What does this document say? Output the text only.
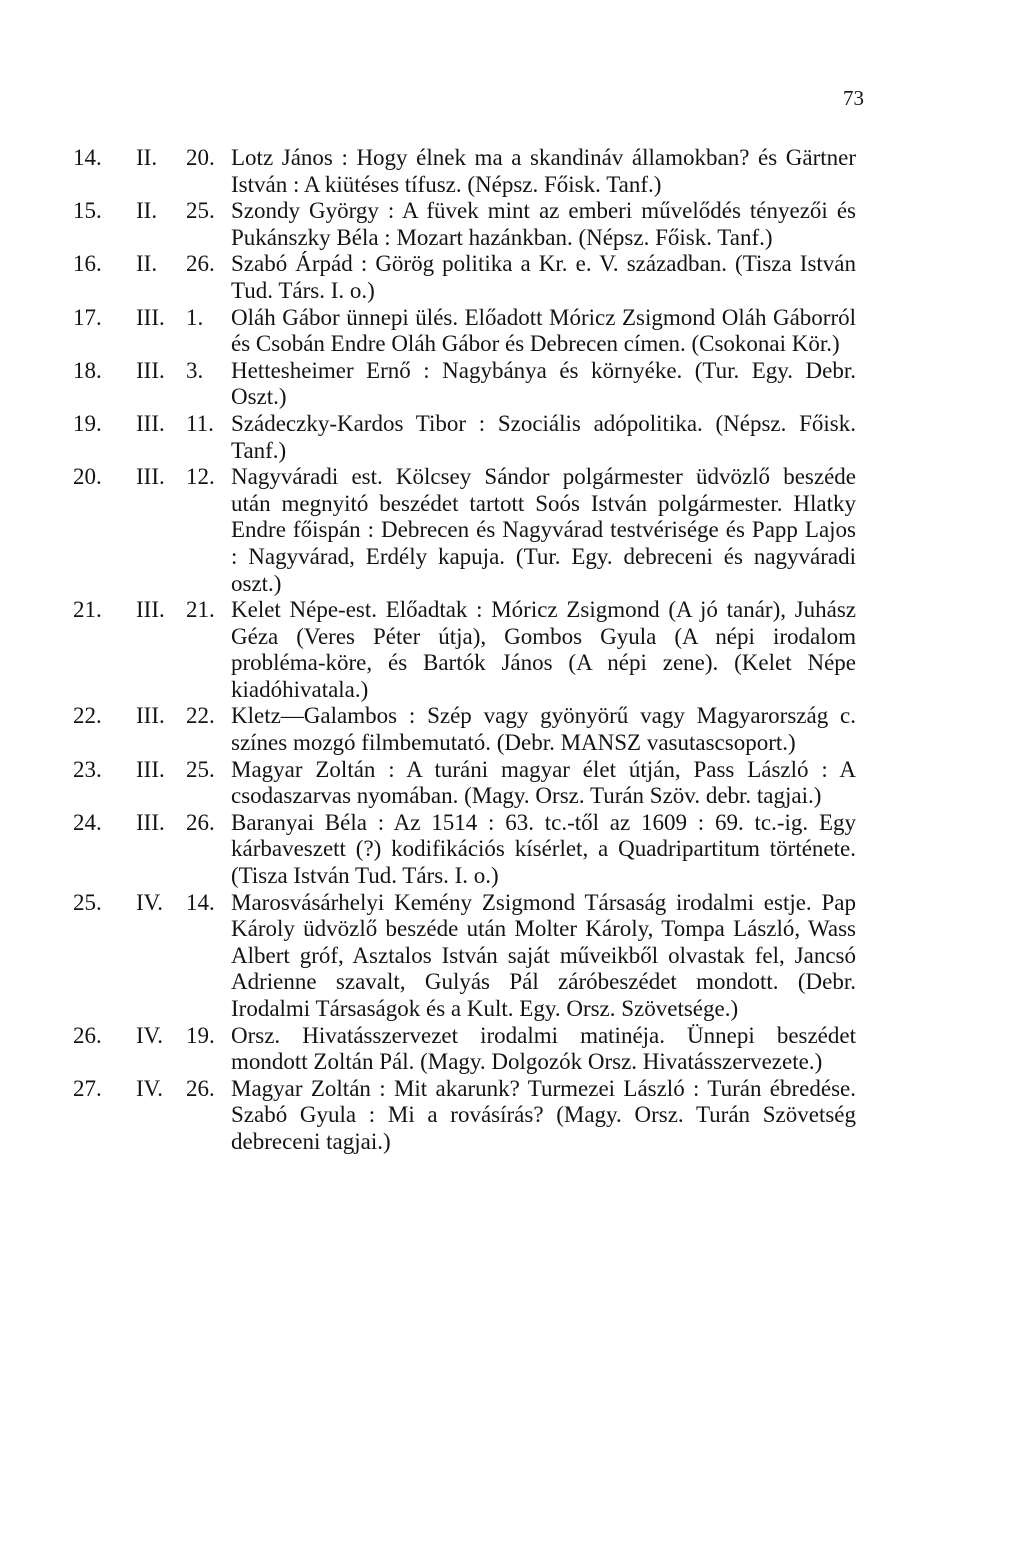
73
14.	II.	20. Lotz János : Hogy élnek ma a skandináv államokban? és Gärtner István : A kiütéses tífusz. (Népsz. Főisk. Tanf.)
15.	II.	25. Szondy György : A füvek mint az emberi művelődés tényezői és Pukánszky Béla : Mozart hazánkban. (Népsz. Főisk. Tanf.)
16.	II.	26. Szabó Árpád : Görög politika a Kr. e. V. században. (Tisza István Tud. Társ. I. o.)
17.	III. 1.	Oláh Gábor ünnepi ülés. Előadott Móricz Zsigmond Oláh Gáborról és Csobán Endre Oláh Gábor és Debrecen címen. (Csokonai Kör.)
18.	III. 3.	Hettesheimer Ernő : Nagybánya és környéke. (Tur. Egy. Debr. Oszt.)
19.	III. 11. Szádeczky-Kardos Tibor : Szociális adópolitika. (Népsz. Főisk. Tanf.)
20.	III. 12. Nagyváradi est. Kölcsey Sándor polgármester üdvözlő beszéde után megnyitó beszédet tartott Soós István polgármester. Hlatky Endre főispán : Debrecen és Nagyvárad testvérisége és Papp Lajos : Nagyvárad, Erdély kapuja. (Tur. Egy. debreceni és nagyváradi oszt.)
21.	III. 21. Kelet Népe-est. Előadtak : Móricz Zsigmond (A jó tanár), Juhász Géza (Veres Péter útja), Gombos Gyula (A népi irodalom probléma-köre, és Bartók János (A népi zene). (Kelet Népe kiadóhivatala.)
22.	III. 22. Kletz—Galambos : Szép vagy gyönyörű vagy Magyarország c. színes mozgó filmbemutató. (Debr. MANSZ vasutascsoport.)
23.	III. 25. Magyar Zoltán : A turáni magyar élet útján, Pass László : A csodaszarvas nyomában. (Magy. Orsz. Turán Szöv. debr. tagjai.)
24.	III. 26. Baranyai Béla : Az 1514 : 63. tc.-től az 1609 : 69. tc.-ig. Egy kárbaveszett (?) kodifikációs kísérlet, a Quadripartitum története. (Tisza István Tud. Társ. I. o.)
25.	IV. 14. Marosvásárhelyi Kemény Zsigmond Társaság irodalmi estje. Pap Károly üdvözlő beszéde után Molter Károly, Tompa László, Wass Albert gróf, Asztalos István saját műveikből olvastak fel, Jancsó Adrienne szavalt, Gulyás Pál záróbeszédet mondott. (Debr. Irodalmi Társaságok és a Kult. Egy. Orsz. Szövetsége.)
26.	IV. 19. Orsz. Hivatásszervezet irodalmi matinéja. Ünnepi beszédet mondott Zoltán Pál. (Magy. Dolgozók Orsz. Hivatásszervezete.)
27.	IV. 26. Magyar Zoltán : Mit akarunk? Turmezei László : Turán ébredése. Szabó Gyula : Mi a rovásírás? (Magy. Orsz. Turán Szövetség debreceni tagjai.)
